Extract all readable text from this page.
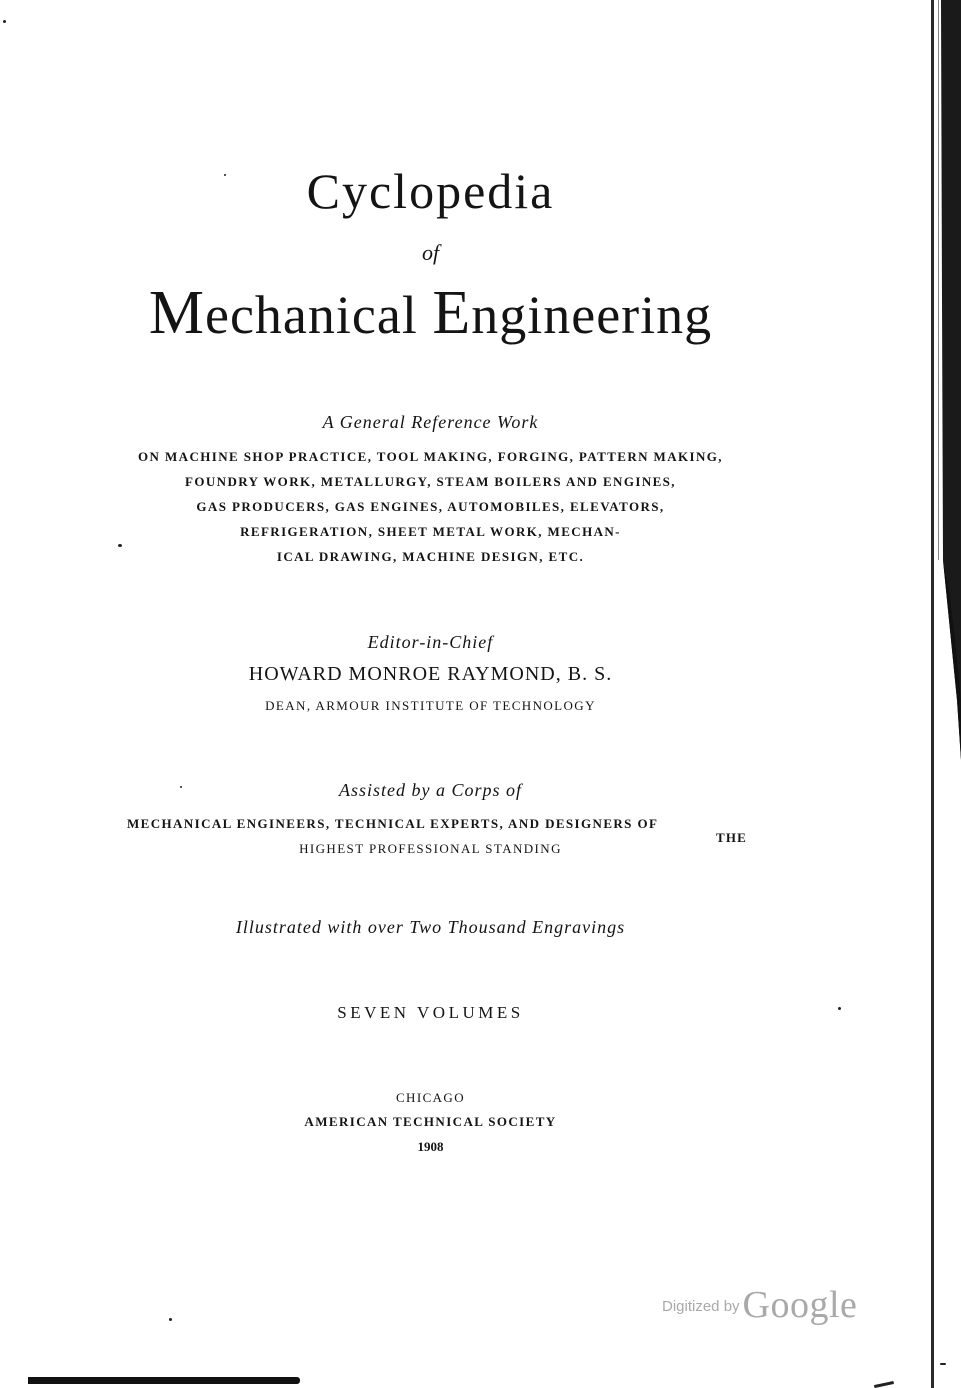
Cyclopedia
of
Mechanical Engineering
A General Reference Work
ON MACHINE SHOP PRACTICE, TOOL MAKING, FORGING, PATTERN MAKING,
FOUNDRY WORK, METALLURGY, STEAM BOILERS AND ENGINES,
GAS PRODUCERS, GAS ENGINES, AUTOMOBILES, ELEVATORS,
REFRIGERATION, SHEET METAL WORK, MECHAN-
ICAL DRAWING, MACHINE DESIGN, ETC.
Editor-in-Chief
HOWARD MONROE RAYMOND, B. S.
DEAN, ARMOUR INSTITUTE OF TECHNOLOGY
Assisted by a Corps of
MECHANICAL ENGINEERS, TECHNICAL EXPERTS, AND DESIGNERS OF
THE
HIGHEST PROFESSIONAL STANDING
Illustrated with over Two Thousand Engravings
SEVEN VOLUMES
CHICAGO
AMERICAN TECHNICAL SOCIETY
1908
Digitized byGoogle
